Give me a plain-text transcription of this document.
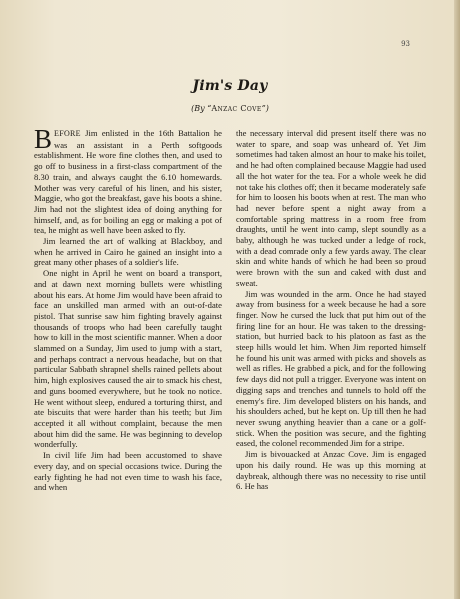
93
Jim's Day
(By “Anzac Cove”)

BEFORE Jim enlisted in the 16th Battalion he was an assistant in a Perth softgoods establishment. He wore fine clothes then, and used to go off to business in a first-class compartment of the 8.30 train, and always caught the 6.10 homewards. Mother was very careful of his linen, and his sister, Maggie, who got the breakfast, gave his boots a shine. Jim had not the slightest idea of doing anything for himself, and, as for boiling an egg or making a pot of tea, he might as well have been asked to fly.

Jim learned the art of walking at Blackboy, and when he arrived in Cairo he gained an insight into a great many other phases of a soldier's life.

One night in April he went on board a transport, and at dawn next morning bullets were whistling about his ears. At home Jim would have been afraid to face an unskilled man armed with an out-of-date pistol. That sunrise saw him fighting bravely against thousands of troops who had been carefully taught how to kill in the most scientific manner. When a door slammed on a Sunday, Jim used to jump with a start, and perhaps contract a nervous headache, but on that particular Sabbath shrapnel shells rained pellets about him, high explosives caused the air to smack his chest, and guns boomed everywhere, but he took no notice. He went without sleep, endured a torturing thirst, and ate biscuits that were harder than his teeth; but Jim accepted it all without complaint, because the men about him did the same. He was beginning to develop wonderfully.

In civil life Jim had been accustomed to shave every day, and on special occasions twice. During the early fighting he had not even time to wash his face, and when

the necessary interval did present itself there was no water to spare, and soap was unheard of. Yet Jim sometimes had taken almost an hour to make his toilet, and he had often complained because Maggie had used all the hot water for the tea. For a whole week he did not take his clothes off; then it became moderately safe for him to loosen his boots when at rest. The man who had never before spent a night away from a comfortable spring mattress in a room free from draughts, until he went into camp, slept soundly as a baby, although he was tucked under a ledge of rock, with a dead comrade only a few yards away. The clear skin and white hands of which he had been so proud were brown with the sun and caked with dust and sweat.

Jim was wounded in the arm. Once he had stayed away from business for a week because he had a sore finger. Now he cursed the luck that put him out of the firing line for an hour. He was taken to the dressing-station, but hurried back to his platoon as fast as the steep hills would let him. When Jim reported himself he found his unit was armed with picks and shovels as well as rifles. He grabbed a pick, and for the following few days did not pull a trigger. Everyone was intent on digging saps and trenches and tunnels to hold off the enemy's fire. Jim developed blisters on his hands, and his shoulders ached, but he kept on. Up till then he had never swung anything heavier than a cane or a golf-stick. When the position was secure, and the fighting eased, the colonel recommended Jim for a stripe.

Jim is bivouacked at Anzac Cove. Jim is engaged upon his daily round. He was up this morning at daybreak, although there was no necessity to rise until 6. He has
